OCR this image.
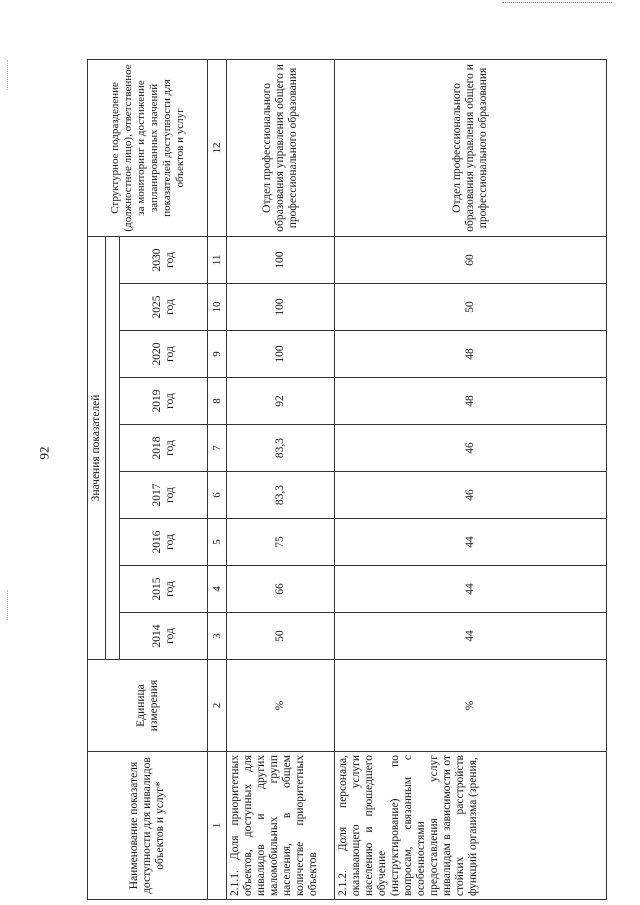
92
Наименование показателя доступности для инвалидов объектов и услуг*	Единица измерения	Значения показателей									Структурное подразделение (должностное лицо), ответственное за мониторинг и достижение запланированных значений показателей доступности для объектов и услуг

		2014 год	2015 год	2016 год	2017 год	2018 год	2019 год	2020 год	2025 год	2030 год	
1	2	3	4	5	6	7	8	9	10	11	12
2.1.1. Доля приоритетных объектов, доступных для инвалидов и других маломобильных групп населения, в общем количестве приоритетных объектов	%	50	66	75	83,3	83,3	92	100	100	100	Отдел профессионального образования управления общего и профессионального образования
2.1.2. Доля персонала, оказывающего услуги населению и прошедшего обучение (инструктирование) по вопросам, связанным с особенностями предоставления услуг инвалидам в зависимости от стойких расстройств функций организма (зрения,	%	44	44	44	46	46	48	48	50	60	Отдел профессионального образования управления общего и профессионального образования
